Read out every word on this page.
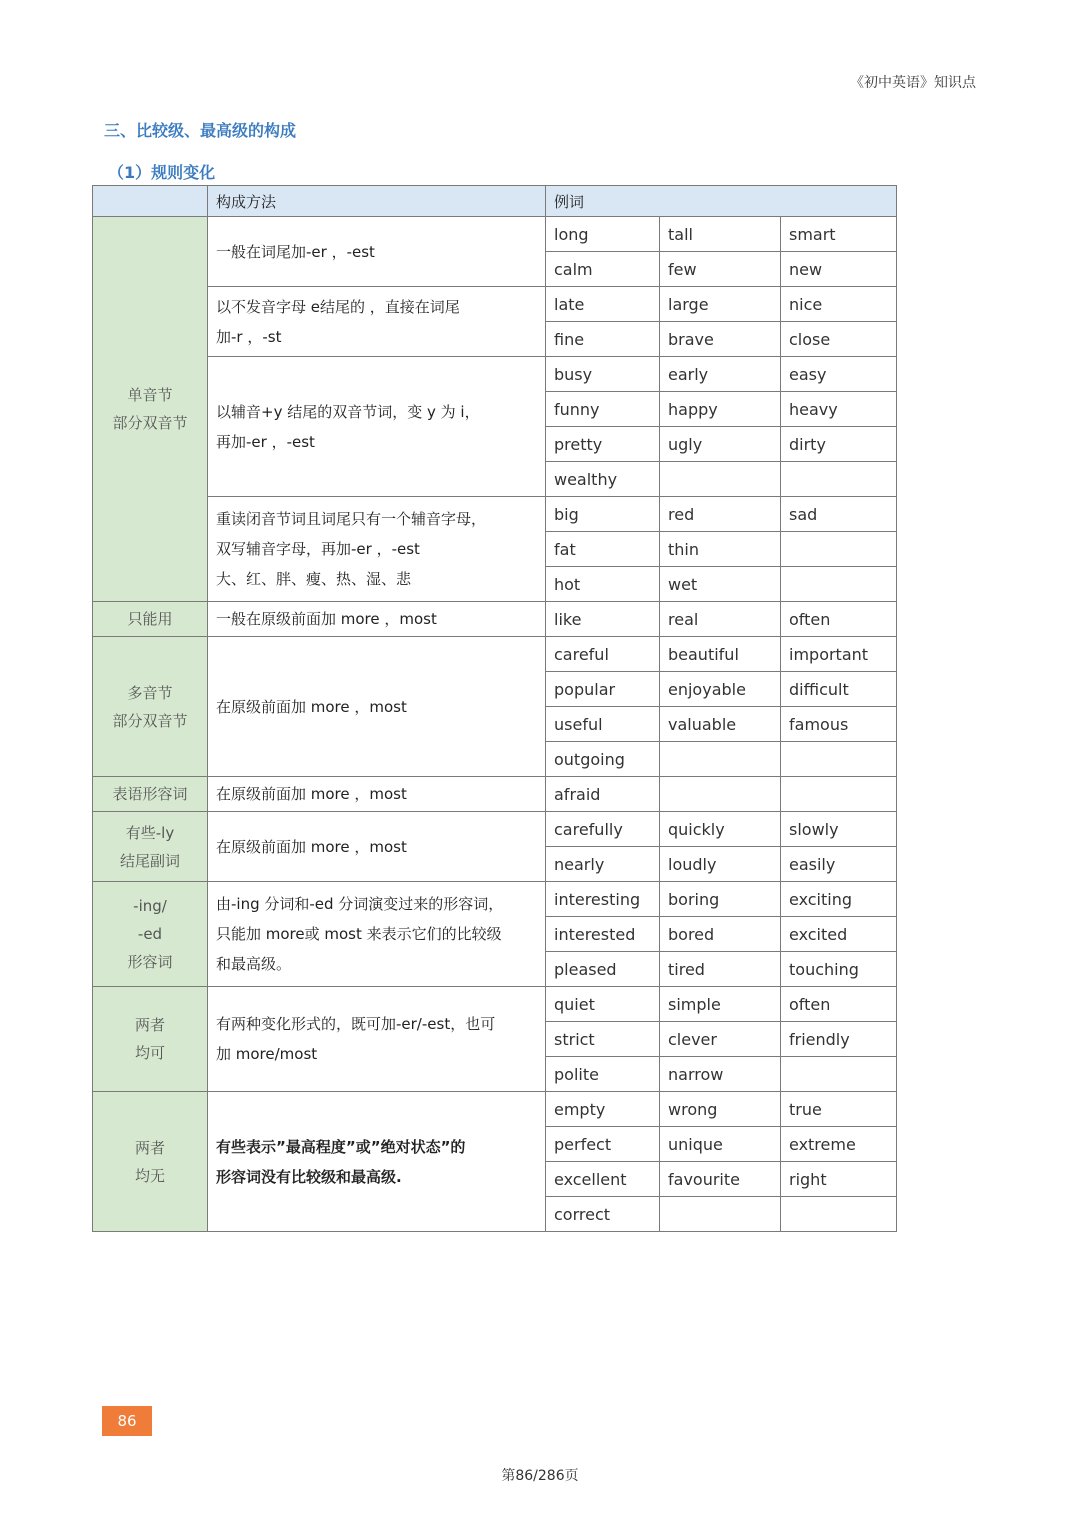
《初中英语》知识点
三、比较级、最高级的构成
（1）规则变化
	构成方法	例词		
单音节
部分双音节	一般在词尾加-er ，-est	long	tall	smart
		calm	few	new
	以不发音字母 e结尾的 ，直接在词尾
加-r ，-st	late	large	nice
		fine	brave	close
	以辅音+y 结尾的双音节词，变 y 为 i，
再加-er ，-est	busy	early	easy
		funny	happy	heavy
		pretty	ugly	dirty
		wealthy		
	重读闭音节词且词尾只有一个辅音字母，
双写辅音字母，再加-er ，-est
大、红、胖、瘦、热、湿、悲	big	red	sad
		fat	thin	
		hot	wet	
只能用	一般在原级前面加 more ，most	like	real	often
多音节
部分双音节	在原级前面加 more ，most	careful	beautiful	important
		popular	enjoyable	difficult
		useful	valuable	famous
		outgoing		
表语形容词	在原级前面加 more ，most	afraid		
有些-ly
结尾副词	在原级前面加 more ，most	carefully	quickly	slowly
		nearly	loudly	easily
-ing/
-ed
形容词	由-ing 分词和-ed 分词演变过来的形容词，
只能加 more或 most 来表示它们的比较级
和最高级。	interesting	boring	exciting
		interested	bored	excited
		pleased	tired	touching
两者
均可	有两种变化形式的，既可加-er/-est，也可
加 more/most	quiet	simple	often
		strict	clever	friendly
		polite	narrow	
两者
均无	有些表示”最高程度”或”绝对状态”的
形容词没有比较级和最高级.	empty	wrong	true
		perfect	unique	extreme
		excellent	favourite	right
		correct		
86
第86/286页
